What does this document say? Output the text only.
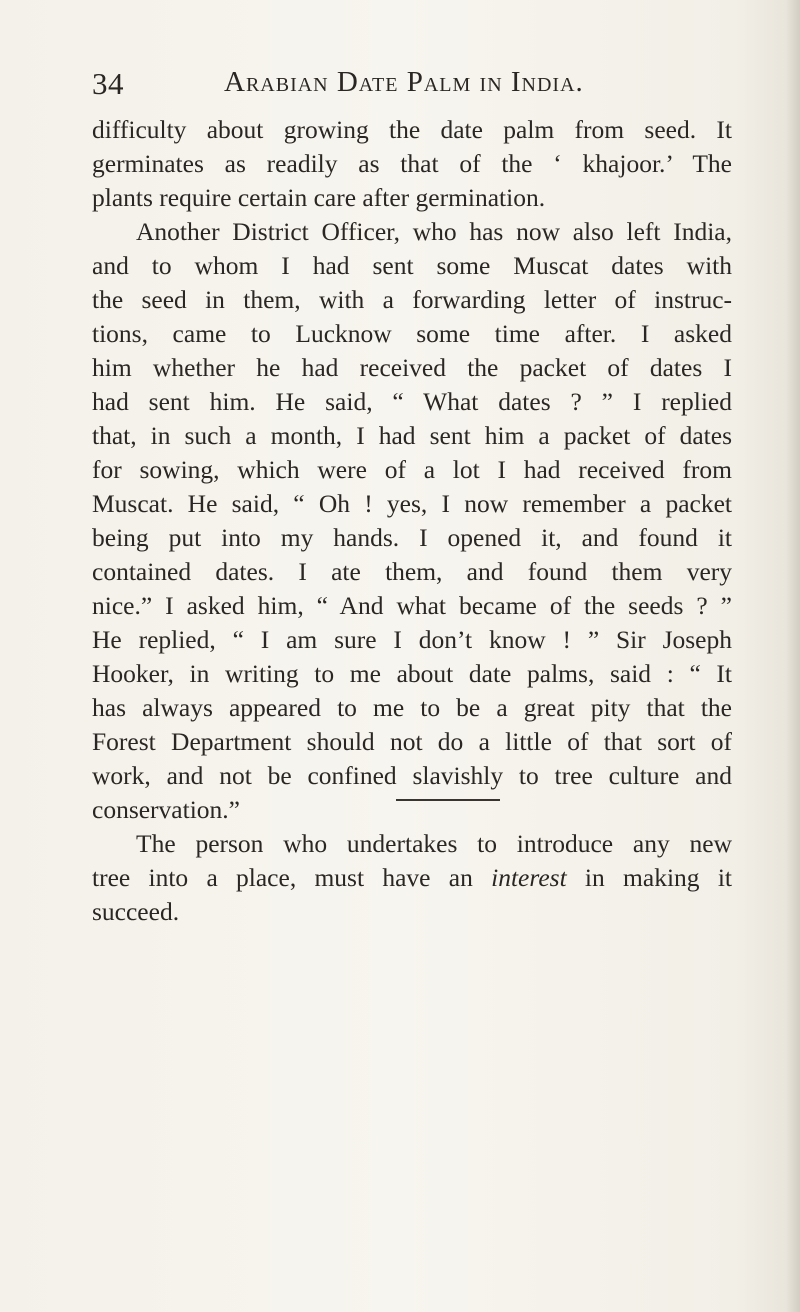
34	Arabian Date Palm in India.
difficulty about growing the date palm from seed. It
germinates as readily as that of the ‘ khajoor.’ The
plants require certain care after germination.
Another District Officer, who has now also left India,
and to whom I had sent some Muscat dates with
the seed in them, with a forwarding letter of instruc-
tions, came to Lucknow some time after. I asked
him whether he had received the packet of dates I
had sent him. He said, “ What dates ? ” I replied
that, in such a month, I had sent him a packet of dates
for sowing, which were of a lot I had received from
Muscat. He said, “ Oh ! yes, I now remember a packet
being put into my hands. I opened it, and found it
contained dates. I ate them, and found them very
nice.” I asked him, “ And what became of the seeds ? ”
He replied, “ I am sure I don’t know ! ” Sir Joseph
Hooker, in writing to me about date palms, said : “ It
has always appeared to me to be a great pity that the
Forest Department should not do a little of that sort of
work, and not be confined slavishly to tree culture and
conservation.”
The person who undertakes to introduce any new
tree into a place, must have an interest in making it
succeed.
